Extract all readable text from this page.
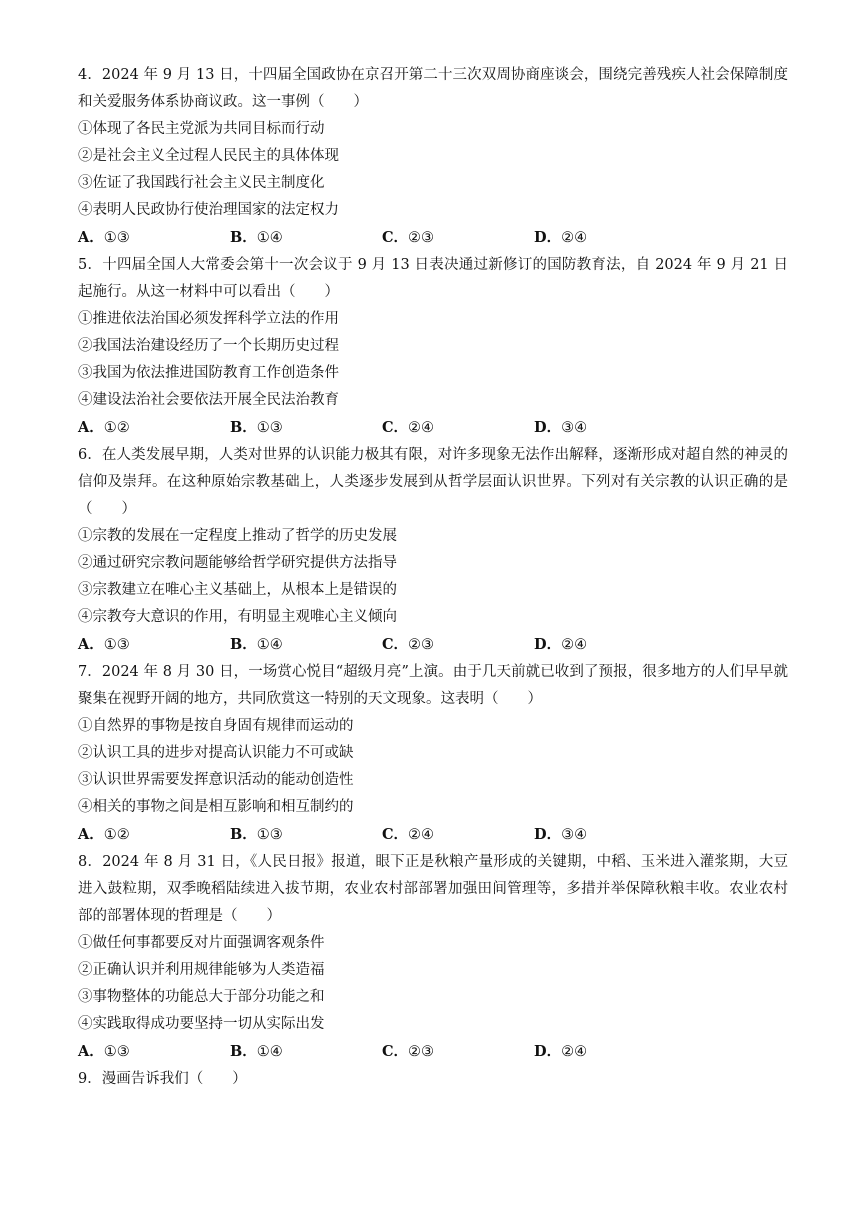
4．2024 年 9 月 13 日，十四届全国政协在京召开第二十三次双周协商座谈会，围绕完善残疾人社会保障制度和关爱服务体系协商议政。这一事例（　　）

①体现了各民主党派为共同目标而行动

②是社会主义全过程人民民主的具体体现

③佐证了我国践行社会主义民主制度化

④表明人民政协行使治理国家的法定权力

A．①③	B．①④	C．②③	D．②④

5．十四届全国人大常委会第十一次会议于 9 月 13 日表决通过新修订的国防教育法，自 2024 年 9 月 21 日起施行。从这一材料中可以看出（　　）

①推进依法治国必须发挥科学立法的作用

②我国法治建设经历了一个长期历史过程

③我国为依法推进国防教育工作创造条件

④建设法治社会要依法开展全民法治教育

A．①②	B．①③	C．②④	D．③④

6．在人类发展早期，人类对世界的认识能力极其有限，对许多现象无法作出解释，逐渐形成对超自然的神灵的信仰及崇拜。在这种原始宗教基础上，人类逐步发展到从哲学层面认识世界。下列对有关宗教的认识正确的是（　　）

①宗教的发展在一定程度上推动了哲学的历史发展

②通过研究宗教问题能够给哲学研究提供方法指导

③宗教建立在唯心主义基础上，从根本上是错误的

④宗教夸大意识的作用，有明显主观唯心主义倾向

A．①③	B．①④	C．②③	D．②④

7．2024 年 8 月 30 日，一场赏心悦目“超级月亮”上演。由于几天前就已收到了预报，很多地方的人们早早就聚集在视野开阔的地方，共同欣赏这一特别的天文现象。这表明（　　）

①自然界的事物是按自身固有规律而运动的

②认识工具的进步对提高认识能力不可或缺

③认识世界需要发挥意识活动的能动创造性

④相关的事物之间是相互影响和相互制约的

A．①②	B．①③	C．②④	D．③④

8．2024 年 8 月 31 日，《人民日报》报道，眼下正是秋粮产量形成的关键期，中稻、玉米进入灌浆期，大豆进入鼓粒期，双季晚稻陆续进入拔节期，农业农村部部署加强田间管理等，多措并举保障秋粮丰收。农业农村部的部署体现的哲理是（　　）

①做任何事都要反对片面强调客观条件

②正确认识并利用规律能够为人类造福

③事物整体的功能总大于部分功能之和

④实践取得成功要坚持一切从实际出发

A．①③	B．①④	C．②③	D．②④

9．漫画告诉我们（　　）
